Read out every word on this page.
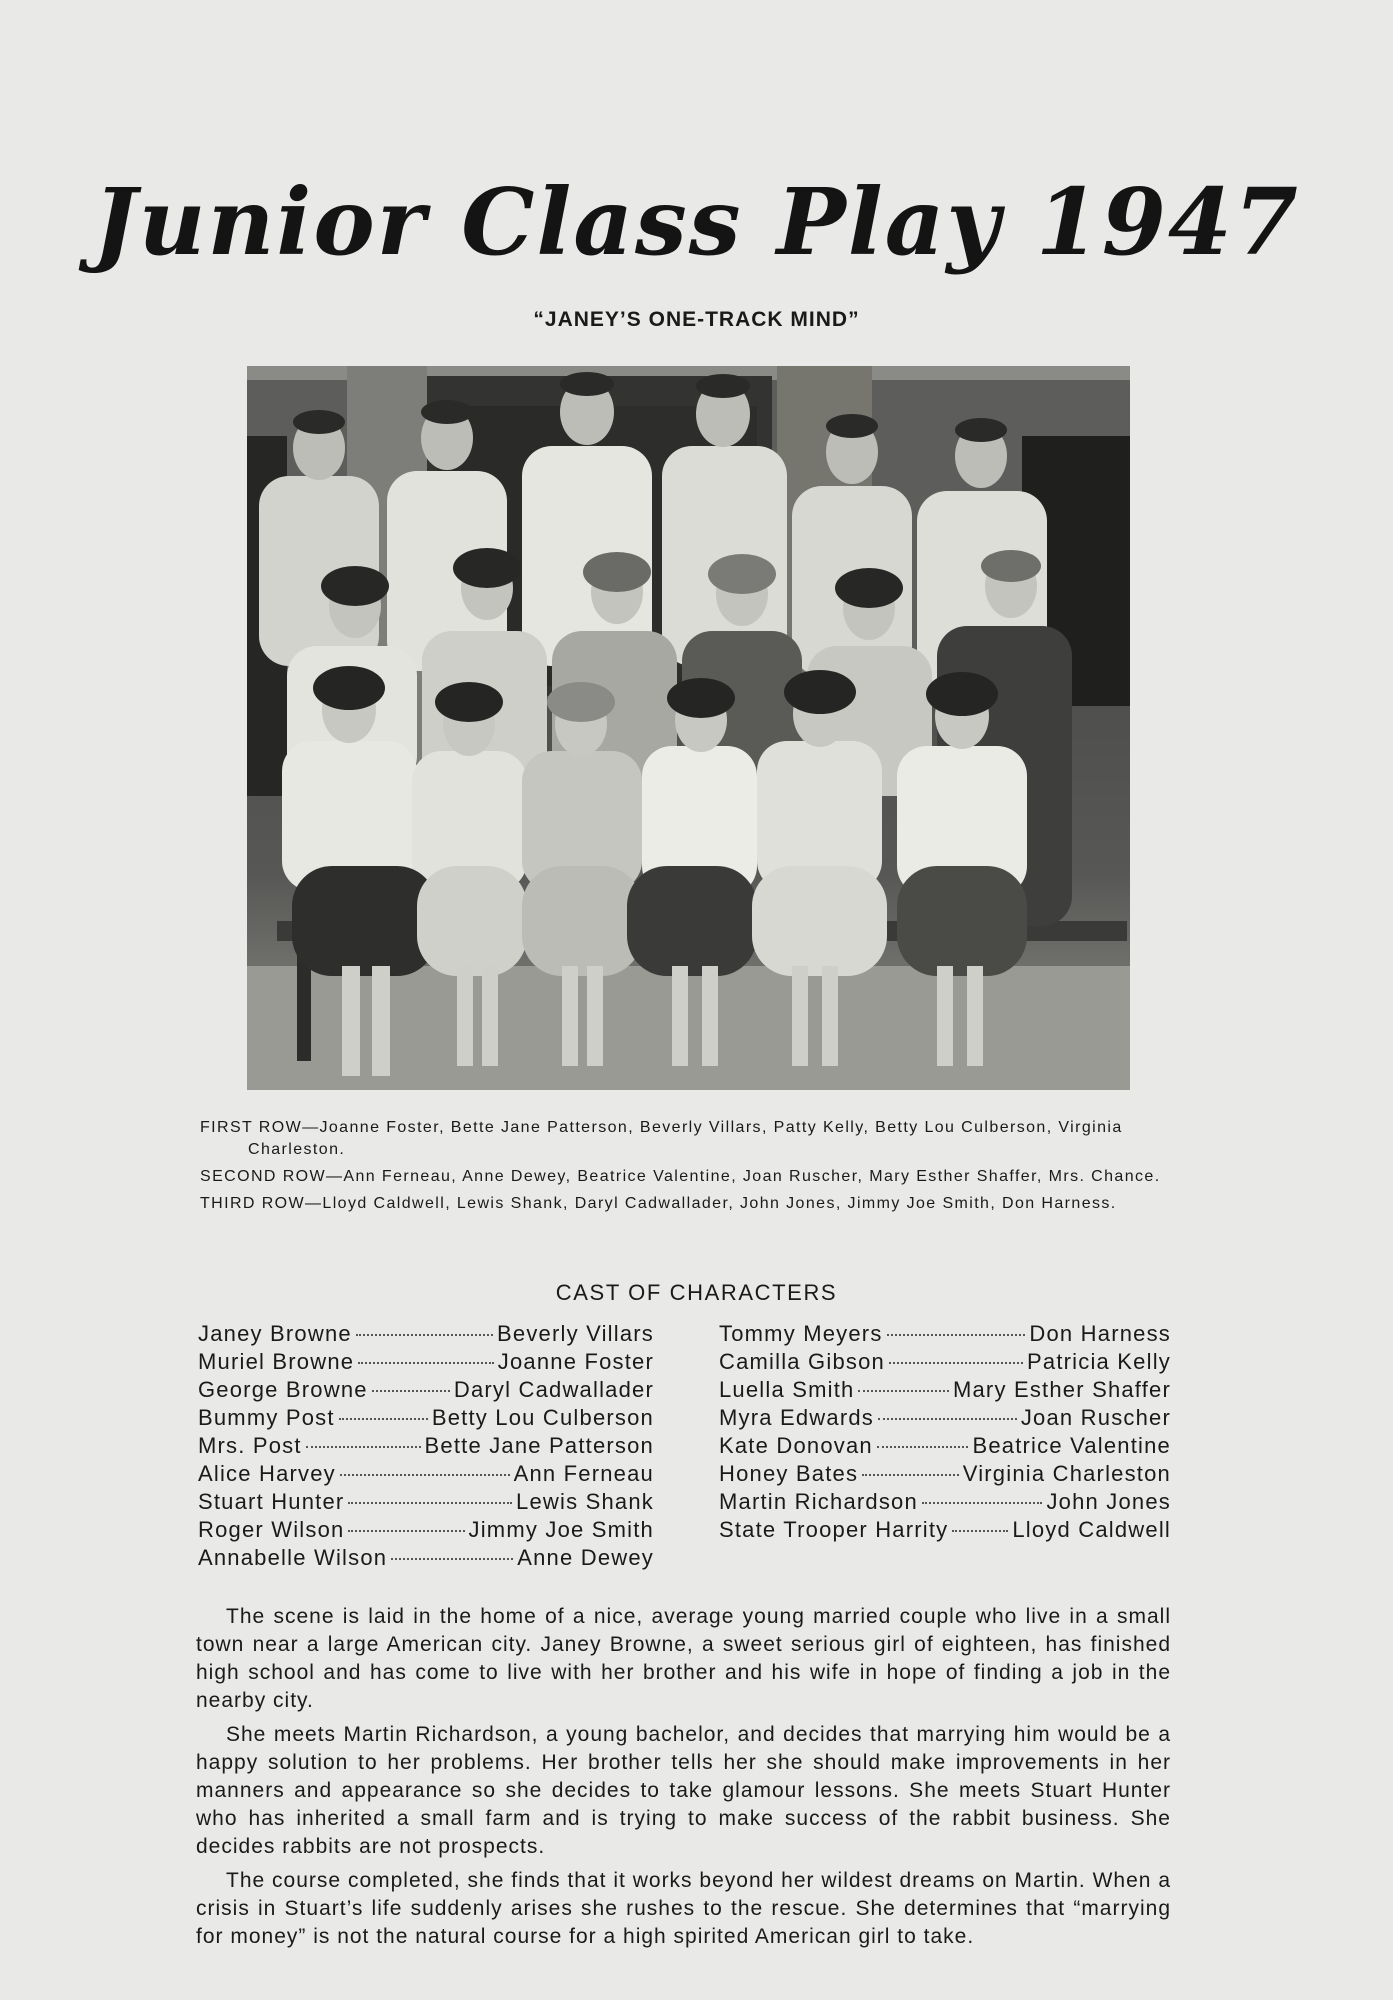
Junior Class Play 1947
“JANEY’S ONE-TRACK MIND”
FIRST ROW—Joanne Foster, Bette Jane Patterson, Beverly Villars, Patty Kelly, Betty Lou Culberson, Virginia Charleston.
SECOND ROW—Ann Ferneau, Anne Dewey, Beatrice Valentine, Joan Ruscher, Mary Esther Shaffer, Mrs. Chance.
THIRD ROW—Lloyd Caldwell, Lewis Shank, Daryl Cadwallader, John Jones, Jimmy Joe Smith, Don Harness.
CAST OF CHARACTERS
Janey Browne	Beverly Villars
Muriel Browne	Joanne Foster
George Browne	Daryl Cadwallader
Bummy Post	Betty Lou Culberson
Mrs. Post	Bette Jane Patterson
Alice Harvey	Ann Ferneau
Stuart Hunter	Lewis Shank
Roger Wilson	Jimmy Joe Smith
Annabelle Wilson	Anne Dewey
Tommy Meyers	Don Harness
Camilla Gibson	Patricia Kelly
Luella Smith	Mary Esther Shaffer
Myra Edwards	Joan Ruscher
Kate Donovan	Beatrice Valentine
Honey Bates	Virginia Charleston
Martin Richardson	John Jones
State Trooper Harrity	Lloyd Caldwell

The scene is laid in the home of a nice, average young married couple who live in a small town near a large American city. Janey Browne, a sweet serious girl of eighteen, has finished high school and has come to live with her brother and his wife in hope of finding a job in the nearby city.

She meets Martin Richardson, a young bachelor, and decides that marrying him would be a happy solution to her problems. Her brother tells her she should make improvements in her manners and appearance so she decides to take glamour lessons. She meets Stuart Hunter who has inherited a small farm and is trying to make success of the rabbit business. She decides rabbits are not prospects.

The course completed, she finds that it works beyond her wildest dreams on Martin. When a crisis in Stuart’s life suddenly arises she rushes to the rescue. She determines that “marrying for money” is not the natural course for a high spirited American girl to take.
